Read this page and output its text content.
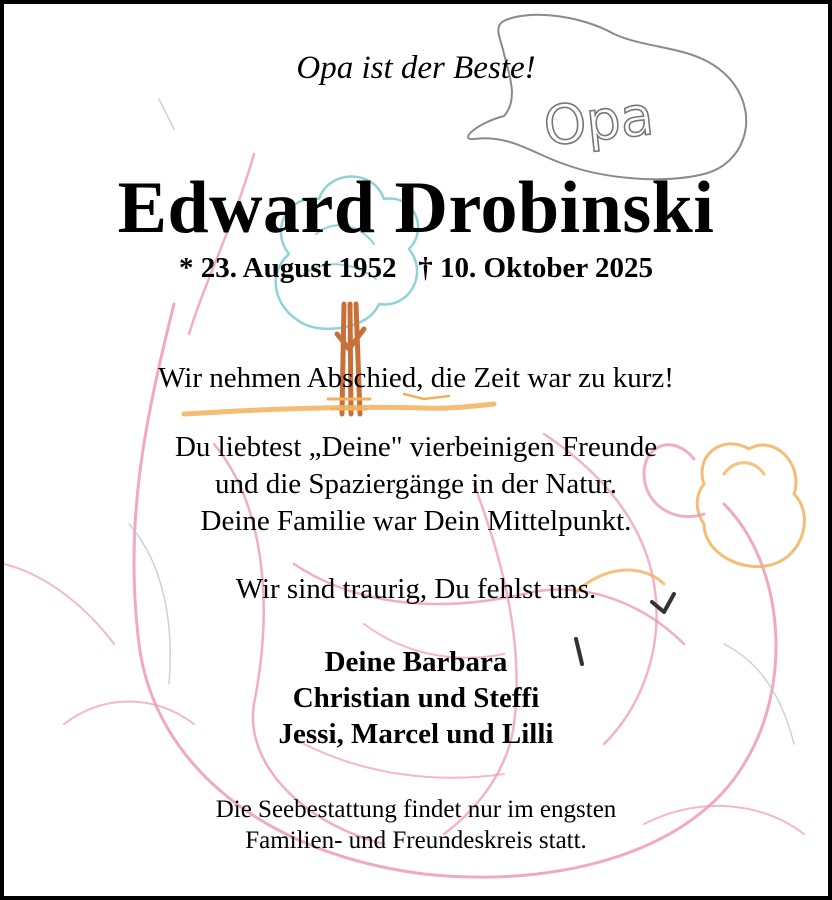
Opa
Opa ist der Beste!
Edward Drobinski
* 23. August 1952 † 10. Oktober 2025
Wir nehmen Abschied, die Zeit war zu kurz!
Du liebtest „Deine" vierbeinigen Freunde
und die Spaziergänge in der Natur.
Deine Familie war Dein Mittelpunkt.
Wir sind traurig, Du fehlst uns.
Deine Barbara
Christian und Steffi
Jessi, Marcel und Lilli
Die Seebestattung findet nur im engsten
Familien- und Freundeskreis statt.
